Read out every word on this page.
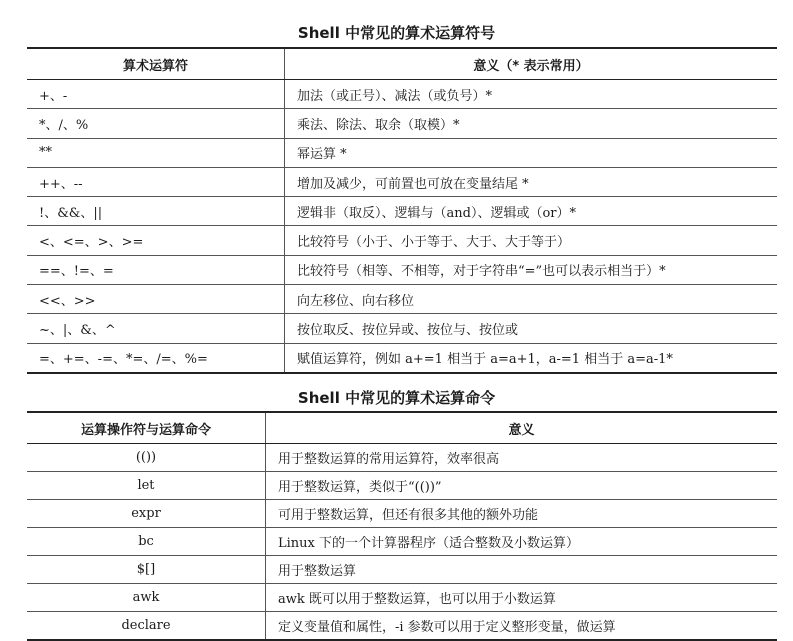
Shell 中常见的算术运算符号
算术运算符	意义（* 表示常用）
+、-	加法（或正号）、减法（或负号）*
*、/、%	乘法、除法、取余（取模）*
**	幂运算 *
++、--	增加及减少，可前置也可放在变量结尾 *
!、&&、||	逻辑非（取反）、逻辑与（and）、逻辑或（or）*
<、<=、>、>=	比较符号（小于、小于等于、大于、大于等于）
==、!=、=	比较符号（相等、不相等，对于字符串“=”也可以表示相当于）*
<<、>>	向左移位、向右移位
~、|、&、^	按位取反、按位异或、按位与、按位或
=、+=、-=、*=、/=、%=	赋值运算符，例如 a+=1 相当于 a=a+1，a-=1 相当于 a=a-1*
Shell 中常见的算术运算命令
运算操作符与运算命令	意义
(())	用于整数运算的常用运算符，效率很高
let	用于整数运算，类似于“(())”
expr	可用于整数运算，但还有很多其他的额外功能
bc	Linux 下的一个计算器程序（适合整数及小数运算）
$[]	用于整数运算
awk	awk 既可以用于整数运算，也可以用于小数运算
declare	定义变量值和属性，-i 参数可以用于定义整形变量，做运算
